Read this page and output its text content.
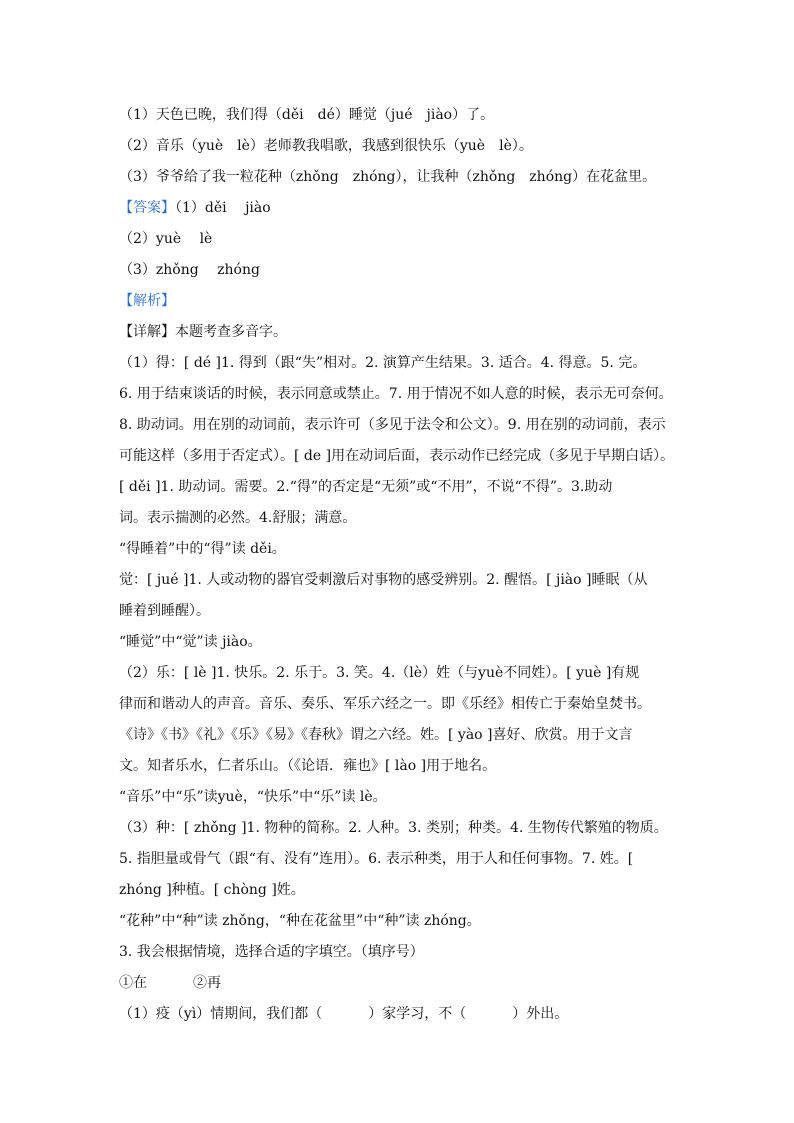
（1）天色已晚，我们得（děi　dé）睡觉（jué　jiào）了。
（2）音乐（yuè　lè）老师教我唱歌，我感到很快乐（yuè　lè）。
（3）爷爷给了我一粒花种（zhǒng　zhóng），让我种（zhǒng　zhóng）在花盆里。
【答案】（1）děi　 jiào
（2）yuè　 lè
（3）zhǒng　 zhóng
【解析】
【详解】本题考查多音字。
（1）得：[ dé ]1. 得到（跟“失”相对。2. 演算产生结果。3. 适合。4. 得意。5. 完。
6. 用于结束谈话的时候，表示同意或禁止。7. 用于情况不如人意的时候，表示无可奈何。
8. 助动词。用在别的动词前，表示许可（多见于法令和公文）。9. 用在别的动词前，表示
可能这样（多用于否定式）。[ de ]用在动词后面，表示动作已经完成（多见于早期白话）。
[ děi ]1. 助动词。需要。2.“得”的否定是“无须”或“不用”，不说“不得”。3.助动
词。表示揣测的必然。4.舒服；满意。
“得睡着”中的“得”读 děi。
觉：[ jué ]1. 人或动物的器官受刺激后对事物的感受辨别。2. 醒悟。[ jiào ]睡眠（从
睡着到睡醒）。
“睡觉”中“觉”读 jiào。
（2）乐：[ lè ]1. 快乐。2. 乐于。3. 笑。4.（lè）姓（与yuè不同姓）。[ yuè ]有规
律而和谐动人的声音。音乐、奏乐、军乐六经之一。即《乐经》相传亡于秦始皇焚书。
《诗》《书》《礼》《乐》《易》《春秋》谓之六经。姓。[ yào ]喜好、欣赏。用于文言
文。知者乐水，仁者乐山。（《论语．雍也》[ lào ]用于地名。
“音乐”中“乐”读yuè，“快乐”中“乐”读 lè。
（3）种：[ zhǒng ]1. 物种的简称。2. 人种。3. 类别；种类。4. 生物传代繁殖的物质。
5. 指胆量或骨气（跟“有、没有”连用）。6. 表示种类，用于人和任何事物。7. 姓。[
zhóng ]种植。[ chòng ]姓。
“花种”中“种”读 zhǒng，“种在花盆里”中“种”读 zhóng。
3. 我会根据情境，选择合适的字填空。（填序号）
①在	②再
（1）疫（yì）情期间，我们都（	）家学习，不（	）外出。
